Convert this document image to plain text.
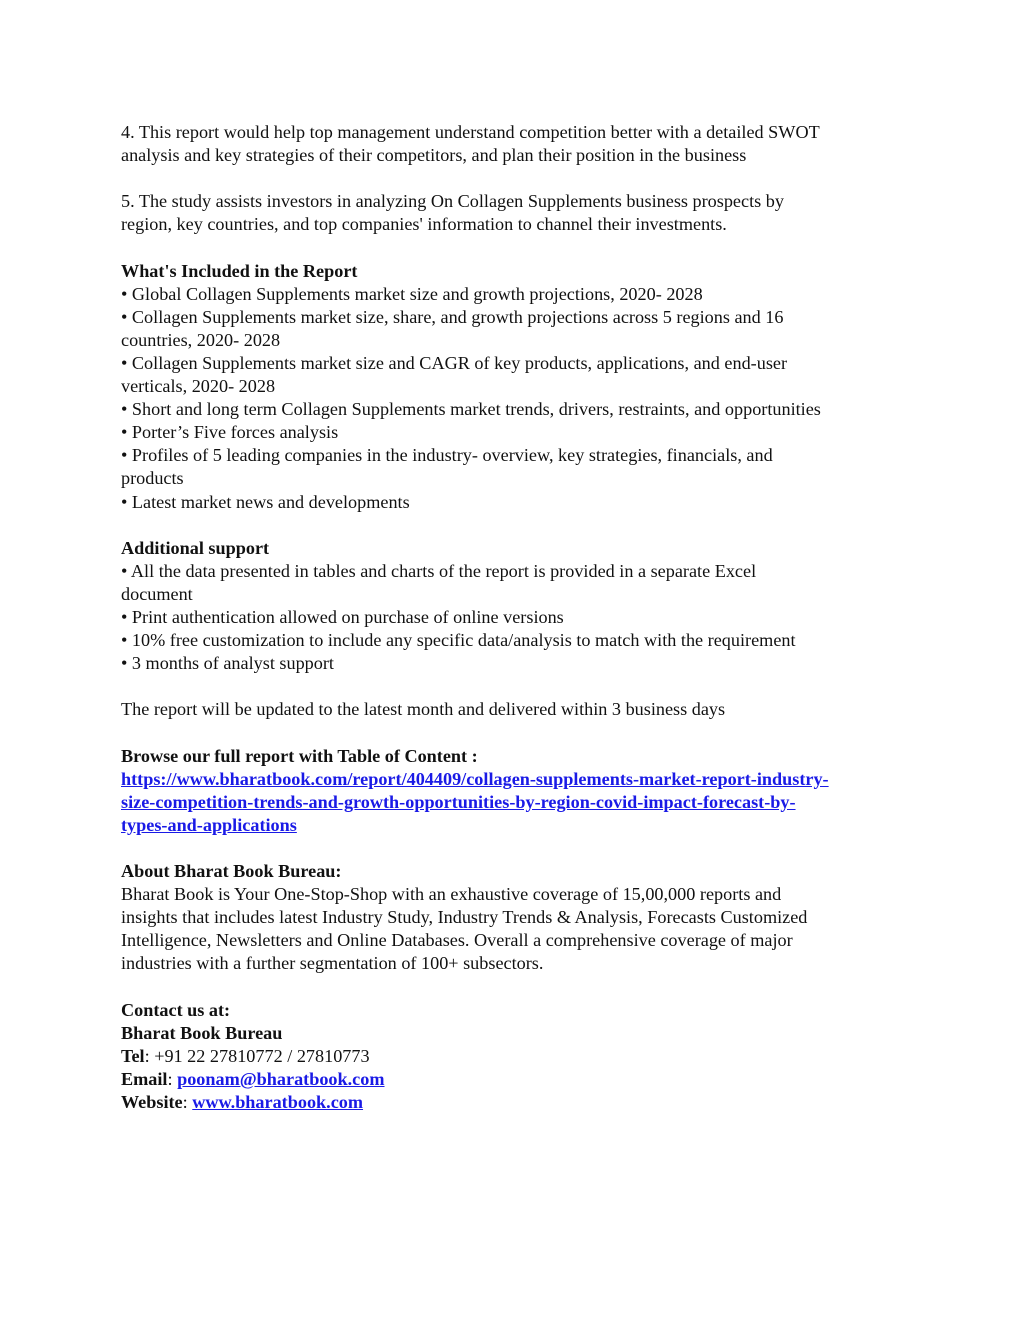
4. This report would help top management understand competition better with a detailed SWOT
analysis and key strategies of their competitors, and plan their position in the business
5. The study assists investors in analyzing On Collagen Supplements business prospects by
region, key countries, and top companies' information to channel their investments.
What's Included in the Report
• Global Collagen Supplements market size and growth projections, 2020- 2028
• Collagen Supplements market size, share, and growth projections across 5 regions and 16
countries, 2020- 2028
• Collagen Supplements market size and CAGR of key products, applications, and end-user
verticals, 2020- 2028
• Short and long term Collagen Supplements market trends, drivers, restraints, and opportunities
• Porter’s Five forces analysis
• Profiles of 5 leading companies in the industry- overview, key strategies, financials, and
products
• Latest market news and developments
Additional support
• All the data presented in tables and charts of the report is provided in a separate Excel
document
• Print authentication allowed on purchase of online versions
• 10% free customization to include any specific data/analysis to match with the requirement
• 3 months of analyst support
The report will be updated to the latest month and delivered within 3 business days
Browse our full report with Table of Content :
https://www.bharatbook.com/report/404409/collagen-supplements-market-report-industry-
size-competition-trends-and-growth-opportunities-by-region-covid-impact-forecast-by-
types-and-applications
About Bharat Book Bureau:
Bharat Book is Your One-Stop-Shop with an exhaustive coverage of 15,00,000 reports and
insights that includes latest Industry Study, Industry Trends & Analysis, Forecasts Customized
Intelligence, Newsletters and Online Databases. Overall a comprehensive coverage of major
industries with a further segmentation of 100+ subsectors.
Contact us at:
Bharat Book Bureau
Tel: +91 22 27810772 / 27810773
Email: poonam@bharatbook.com
Website: www.bharatbook.com
